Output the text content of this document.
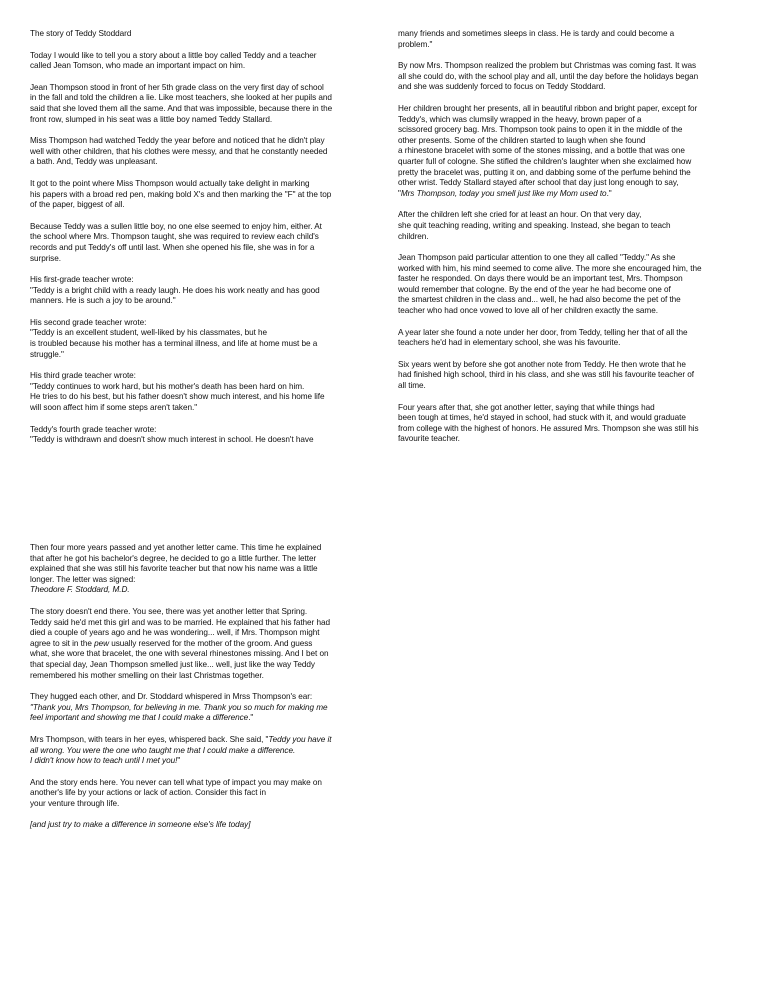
The story of Teddy Stoddard

Today I would like to tell you a story about a little boy called Teddy and a teacher
called Jean Tomson, who made an important impact on him.

Jean Thompson stood in front of her 5th grade class on the very first day of school
in the fall and told the children a lie. Like most teachers, she looked at her pupils and
said that she loved them all the same. And that was impossible, because there in the
front row, slumped in his seat was a little boy named Teddy Stallard.

Miss Thompson had watched Teddy the year before and noticed that he didn't play
well with other children, that his clothes were messy, and that he constantly needed
a bath. And, Teddy was unpleasant.

It got to the point where Miss Thompson would actually take delight in marking
his papers with a broad red pen, making bold X's and then marking the "F" at the top
of the paper, biggest of all.

Because Teddy was a sullen little boy, no one else seemed to enjoy him, either. At
the school where Mrs. Thompson taught, she was required to review each child's
records and put Teddy's off until last. When she opened his file, she was in for a
surprise.

His first-grade teacher wrote:
"Teddy is a bright child with a ready laugh. He does his work neatly and has good
manners. He is such a joy to be around."

His second grade teacher wrote:
"Teddy is an excellent student, well-liked by his classmates, but he
is troubled because his mother has a terminal illness, and life at home must be a
struggle."

His third grade teacher wrote:
"Teddy continues to work hard, but his mother's death has been hard on him.
He tries to do his best, but his father doesn't show much interest, and his home life
will soon affect him if some steps aren't taken."

Teddy's fourth grade teacher wrote:
"Teddy is withdrawn and doesn't show much interest in school. He doesn't have

many friends and sometimes sleeps in class. He is tardy and could become a
problem."

By now Mrs. Thompson realized the problem but Christmas was coming fast. It was
all she could do, with the school play and all, until the day before the holidays began
and she was suddenly forced to focus on Teddy Stoddard.

Her children brought her presents, all in beautiful ribbon and bright paper, except for
Teddy's, which was clumsily wrapped in the heavy, brown paper of a
scissored grocery bag. Mrs. Thompson took pains to open it in the middle of the
other presents. Some of the children started to laugh when she found
a rhinestone bracelet with some of the stones missing, and a bottle that was one
quarter full of cologne. She stifled the children's laughter when she exclaimed how
pretty the bracelet was, putting it on, and dabbing some of the perfume behind the
other wrist. Teddy Stallard stayed after school that day just long enough to say,
"Mrs Thompson, today you smell just like my Mom used to."

After the children left she cried for at least an hour. On that very day,
she quit teaching reading, writing and speaking. Instead, she began to teach
children.

Jean Thompson paid particular attention to one they all called "Teddy." As she
worked with him, his mind seemed to come alive. The more she encouraged him, the
faster he responded. On days there would be an important test, Mrs. Thompson
would remember that cologne. By the end of the year he had become one of
the smartest children in the class and... well, he had also become the pet of the
teacher who had once vowed to love all of her children exactly the same.

A year later she found a note under her door, from Teddy, telling her that of all the
teachers he'd had in elementary school, she was his favourite.

Six years went by before she got another note from Teddy. He then wrote that he
had finished high school, third in his class, and she was still his favourite teacher of
all time.

Four years after that, she got another letter, saying that while things had
been tough at times, he'd stayed in school, had stuck with it, and would graduate
from college with the highest of honors. He assured Mrs. Thompson she was still his
favourite teacher.

Then four more years passed and yet another letter came. This time he explained
that after he got his bachelor's degree, he decided to go a little further. The letter
explained that she was still his favorite teacher but that now his name was a little
longer. The letter was signed:
Theodore F. Stoddard, M.D.

The story doesn't end there. You see, there was yet another letter that Spring.
Teddy said he'd met this girl and was to be married. He explained that his father had
died a couple of years ago and he was wondering... well, if Mrs. Thompson might
agree to sit in the pew usually reserved for the mother of the groom. And guess
what, she wore that bracelet, the one with several rhinestones missing. And I bet on
that special day, Jean Thompson smelled just like... well, just like the way Teddy
remembered his mother smelling on their last Christmas together.

They hugged each other, and Dr. Stoddard whispered in Mrss Thompson's ear:
"Thank you, Mrs Thompson, for believing in me. Thank you so much for making me
feel important and showing me that I could make a difference."

Mrs Thompson, with tears in her eyes, whispered back. She said, "Teddy you have it
all wrong. You were the one who taught me that I could make a difference.
I didn't know how to teach until I met you!"

And the story ends here. You never can tell what type of impact you may make on
another's life by your actions or lack of action. Consider this fact in
your venture through life.

[and just try to make a difference in someone else's life today]
